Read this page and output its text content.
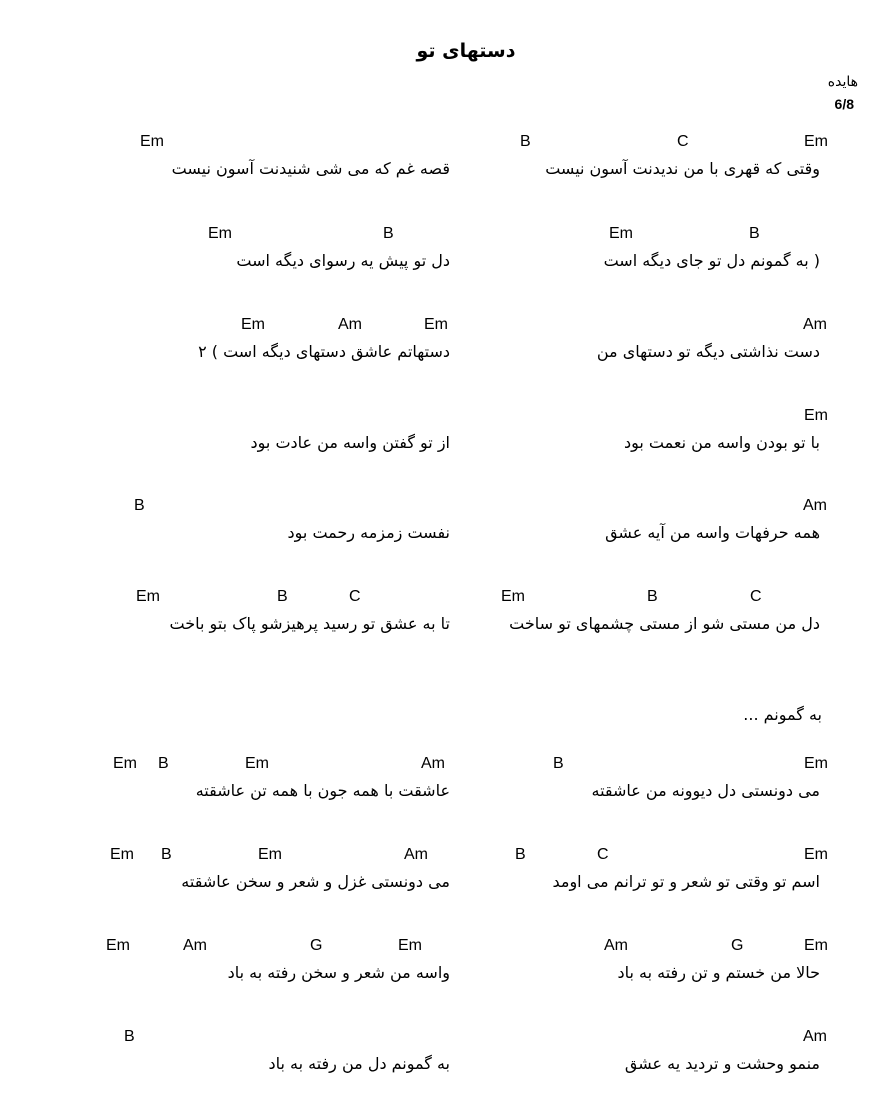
دستهای تو
هایده
6/8
Em	B	C	Em
وقتی که قهری با من ندیدنت آسون نیست
قصه غم که می شی شنیدنت آسون نیست
Em	B	Em	B
( به گمونم دل تو جای دیگه است
دل تو پیش یه رسوای دیگه است
Em	Am	Em	Am
دست نذاشتی دیگه تو دستهای من
دستهاتم عاشق دستهای دیگه است ) ۲
Em
با تو بودن واسه من نعمت بود
از تو گفتن واسه من عادت بود
B	Am
همه حرفهات واسه من آیه عشق
نفست زمزمه رحمت بود
Em	B	C	Em	B	C
دل من مستی شو از مستی چشمهای تو ساخت
تا به عشق تو رسید پرهیزشو پاک بتو باخت
به گمونم ...
Em B	Em	Am	B	Em
می دونستی دل دیوونه من عاشقته
عاشقت با همه جون با همه تن عاشقته
Em B	Em	Am	B	C	Em
اسم تو وقتی تو شعر و تو ترانم می اومد
می دونستی غزل و شعر و سخن عاشقته
Em	Am	G	Em	Am	G	Em
حالا من خستم و تن رفته به باد
واسه من شعر و سخن رفته به باد
B	Am
منمو وحشت و تردید یه عشق
به گمونم دل من رفته به باد
